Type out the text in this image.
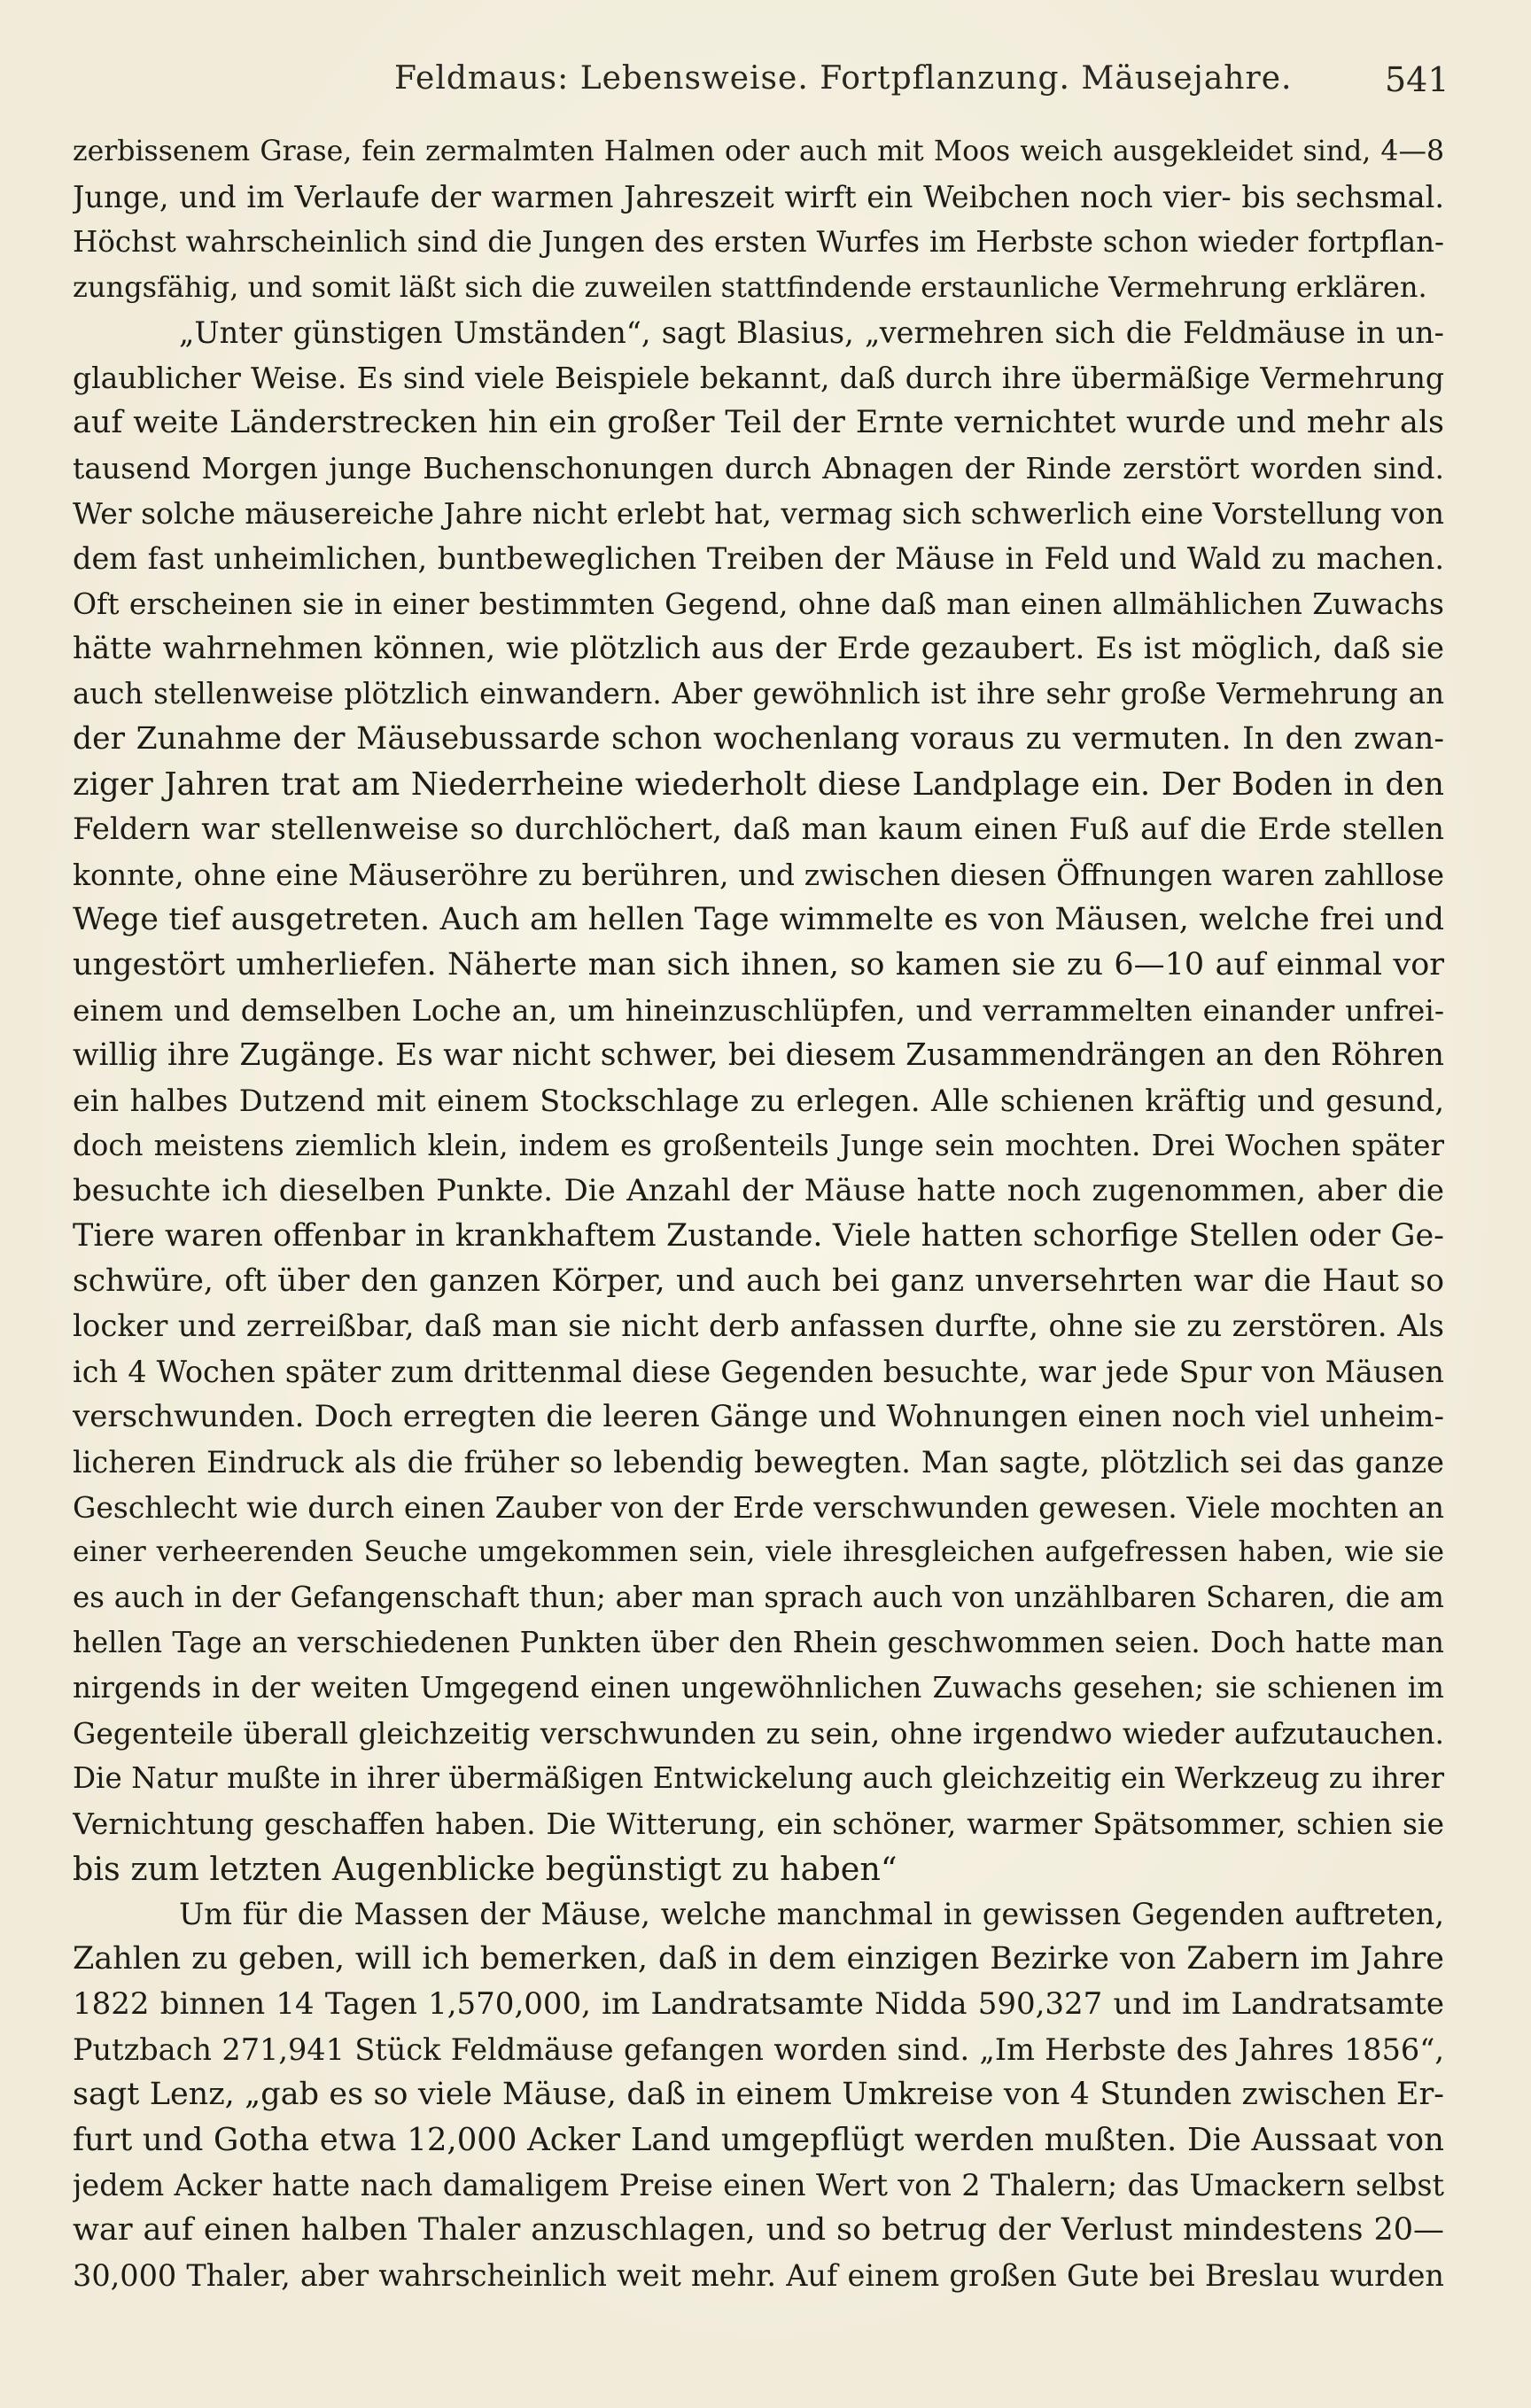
Feldmaus: Lebensweise. Fortpflanzung. Mäusejahre.	541
zerbissenem Grase, fein zermalmten Halmen oder auch mit Moos weich ausgekleidet sind, 4—8
Junge, und im Verlaufe der warmen Jahreszeit wirft ein Weibchen noch vier- bis sechsmal.
Höchst wahrscheinlich sind die Jungen des ersten Wurfes im Herbste schon wieder fortpflan-
zungsfähig, und somit läßt sich die zuweilen stattfindende erstaunliche Vermehrung erklären.
„Unter günstigen Umständen“, sagt Blasius, „vermehren sich die Feldmäuse in un-
glaublicher Weise. Es sind viele Beispiele bekannt, daß durch ihre übermäßige Vermehrung
auf weite Länderstrecken hin ein großer Teil der Ernte vernichtet wurde und mehr als
tausend Morgen junge Buchenschonungen durch Abnagen der Rinde zerstört worden sind.
Wer solche mäusereiche Jahre nicht erlebt hat, vermag sich schwerlich eine Vorstellung von
dem fast unheimlichen, buntbeweglichen Treiben der Mäuse in Feld und Wald zu machen.
Oft erscheinen sie in einer bestimmten Gegend, ohne daß man einen allmählichen Zuwachs
hätte wahrnehmen können, wie plötzlich aus der Erde gezaubert. Es ist möglich, daß sie
auch stellenweise plötzlich einwandern. Aber gewöhnlich ist ihre sehr große Vermehrung an
der Zunahme der Mäusebussarde schon wochenlang voraus zu vermuten. In den zwan-
ziger Jahren trat am Niederrheine wiederholt diese Landplage ein. Der Boden in den
Feldern war stellenweise so durchlöchert, daß man kaum einen Fuß auf die Erde stellen
konnte, ohne eine Mäuseröhre zu berühren, und zwischen diesen Öffnungen waren zahllose
Wege tief ausgetreten. Auch am hellen Tage wimmelte es von Mäusen, welche frei und
ungestört umherliefen. Näherte man sich ihnen, so kamen sie zu 6—10 auf einmal vor
einem und demselben Loche an, um hineinzuschlüpfen, und verrammelten einander unfrei-
willig ihre Zugänge. Es war nicht schwer, bei diesem Zusammendrängen an den Röhren
ein halbes Dutzend mit einem Stockschlage zu erlegen. Alle schienen kräftig und gesund,
doch meistens ziemlich klein, indem es großenteils Junge sein mochten. Drei Wochen später
besuchte ich dieselben Punkte. Die Anzahl der Mäuse hatte noch zugenommen, aber die
Tiere waren offenbar in krankhaftem Zustande. Viele hatten schorfige Stellen oder Ge-
schwüre, oft über den ganzen Körper, und auch bei ganz unversehrten war die Haut so
locker und zerreißbar, daß man sie nicht derb anfassen durfte, ohne sie zu zerstören. Als
ich 4 Wochen später zum drittenmal diese Gegenden besuchte, war jede Spur von Mäusen
verschwunden. Doch erregten die leeren Gänge und Wohnungen einen noch viel unheim-
licheren Eindruck als die früher so lebendig bewegten. Man sagte, plötzlich sei das ganze
Geschlecht wie durch einen Zauber von der Erde verschwunden gewesen. Viele mochten an
einer verheerenden Seuche umgekommen sein, viele ihresgleichen aufgefressen haben, wie sie
es auch in der Gefangenschaft thun; aber man sprach auch von unzählbaren Scharen, die am
hellen Tage an verschiedenen Punkten über den Rhein geschwommen seien. Doch hatte man
nirgends in der weiten Umgegend einen ungewöhnlichen Zuwachs gesehen; sie schienen im
Gegenteile überall gleichzeitig verschwunden zu sein, ohne irgendwo wieder aufzutauchen.
Die Natur mußte in ihrer übermäßigen Entwickelung auch gleichzeitig ein Werkzeug zu ihrer
Vernichtung geschaffen haben. Die Witterung, ein schöner, warmer Spätsommer, schien sie
bis zum letzten Augenblicke begünstigt zu haben“
Um für die Massen der Mäuse, welche manchmal in gewissen Gegenden auftreten,
Zahlen zu geben, will ich bemerken, daß in dem einzigen Bezirke von Zabern im Jahre
1822 binnen 14 Tagen 1,570,000, im Landratsamte Nidda 590,327 und im Landratsamte
Putzbach 271,941 Stück Feldmäuse gefangen worden sind. „Im Herbste des Jahres 1856“,
sagt Lenz, „gab es so viele Mäuse, daß in einem Umkreise von 4 Stunden zwischen Er-
furt und Gotha etwa 12,000 Acker Land umgepflügt werden mußten. Die Aussaat von
jedem Acker hatte nach damaligem Preise einen Wert von 2 Thalern; das Umackern selbst
war auf einen halben Thaler anzuschlagen, und so betrug der Verlust mindestens 20—
30,000 Thaler, aber wahrscheinlich weit mehr. Auf einem großen Gute bei Breslau wurden
